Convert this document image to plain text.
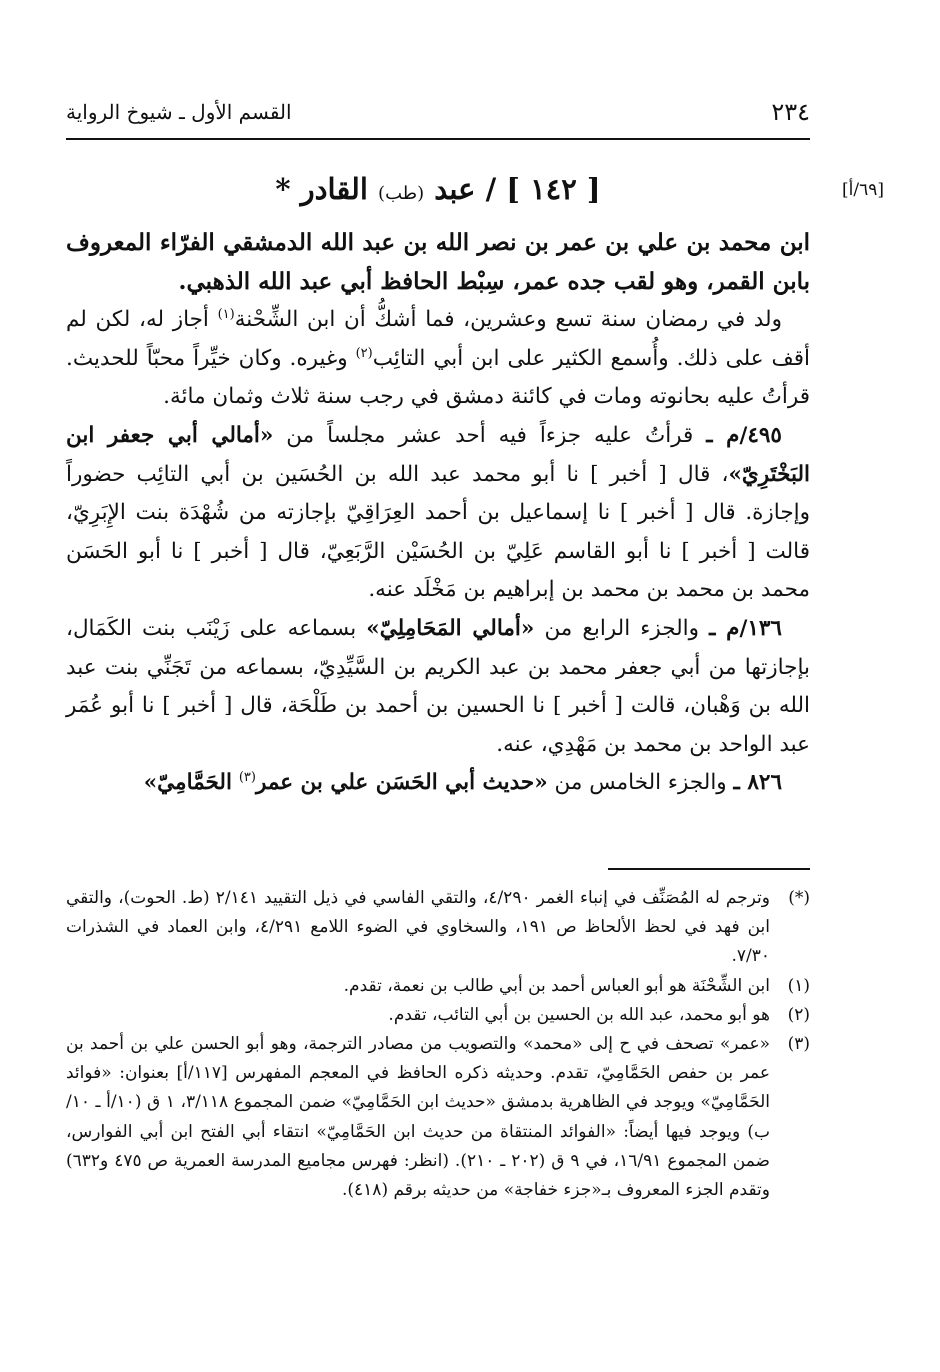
٢٣٤
القسم الأول ـ شيوخ الرواية
[٦٩/أ]
[ ١٤٢ ] / عبد (طب) القادر *

ابن محمد بن علي بن عمر بن نصر الله بن عبد الله الدمشقي الفرّاء المعروف بابن القمر، وهو لقب جده عمر، سِبْط الحافظ أبي عبد الله الذهبي.

ولد في رمضان سنة تسع وعشرين، فما أشكُّ أن ابن الشِّحْنة$^{(١)}$ أجاز له، لكن لم أقف على ذلك. وأُسمع الكثير على ابن أبي التائِب$^{(٢)}$ وغيره. وكان خيِّراً محبّاً للحديث. قرأتُ عليه بحانوته ومات في كائنة دمشق في رجب سنة ثلاث وثمان مائة.

٤٩٥/م ـ قرأتُ عليه جزءاً فيه أحد عشر مجلساً من «أمالي أبي جعفر ابن البَخْتَرِيّ»، قال [ أخبر ] نا أبو محمد عبد الله بن الحُسَين بن أبي التائِب حضوراً وإجازة. قال [ أخبر ] نا إسماعيل بن أحمد العِرَاقِيّ بإجازته من شُهْدَة بنت الإِبَرِيّ، قالت [ أخبر ] نا أبو القاسم عَلِيّ بن الحُسَيْن الرَّبَعِيّ، قال [ أخبر ] نا أبو الحَسَن محمد بن محمد بن محمد بن إبراهيم بن مَخْلَد عنه.

١٣٦/م ـ والجزء الرابع من «أمالي المَحَامِلِيّ» بسماعه على زَيْنَب بنت الكَمَال، بإجازتها من أبي جعفر محمد بن عبد الكريم بن السَّيِّدِيّ، بسماعه من تَجَنِّي بنت عبد الله بن وَهْبان، قالت [ أخبر ] نا الحسين بن أحمد بن طَلْحَة، قال [ أخبر ] نا أبو عُمَر عبد الواحد بن محمد بن مَهْدِي، عنه.

٨٢٦ ـ والجزء الخامس من «حديث أبي الحَسَن علي بن عمر$^{(٣)}$ الحَمَّامِيّ»

(*)
وترجم له المُصَنِّف في إنباء الغمر ٤/٢٩٠، والتقي الفاسي في ذيل التقييد ٢/١٤١ (ط. الحوت)، والتقي ابن فهد في لحظ الألحاظ ص ١٩١، والسخاوي في الضوء اللامع ٤/٢٩١، وابن العماد في الشذرات ٧/٣٠.

(١)
ابن الشِّحْنَة هو أبو العباس أحمد بن أبي طالب بن نعمة، تقدم.

(٢)
هو أبو محمد، عبد الله بن الحسين بن أبي التائب، تقدم.

(٣)
«عمر» تصحف في ح إلى «محمد» والتصويب من مصادر الترجمة، وهو أبو الحسن علي بن أحمد بن عمر بن حفص الحَمَّامِيّ، تقدم. وحديثه ذكره الحافظ في المعجم المفهرس [١١٧/أ] بعنوان: «فوائد الحَمَّامِيّ» ويوجد في الظاهرية بدمشق «حديث ابن الحَمَّامِيّ» ضمن المجموع ٣/١١٨، ١ ق (١٠/أ ـ ١٠/ب) ويوجد فيها أيضاً: «الفوائد المنتقاة من حديث ابن الحَمَّامِيّ» انتقاء أبي الفتح ابن أبي الفوارس، ضمن المجموع ١٦/٩١، في ٩ ق (٢٠٢ ـ ٢١٠). (انظر: فهرس مجاميع المدرسة العمرية ص ٤٧٥ و٦٣٢) وتقدم الجزء المعروف بـ«جزء خفاجة» من حديثه برقم (٤١٨).
